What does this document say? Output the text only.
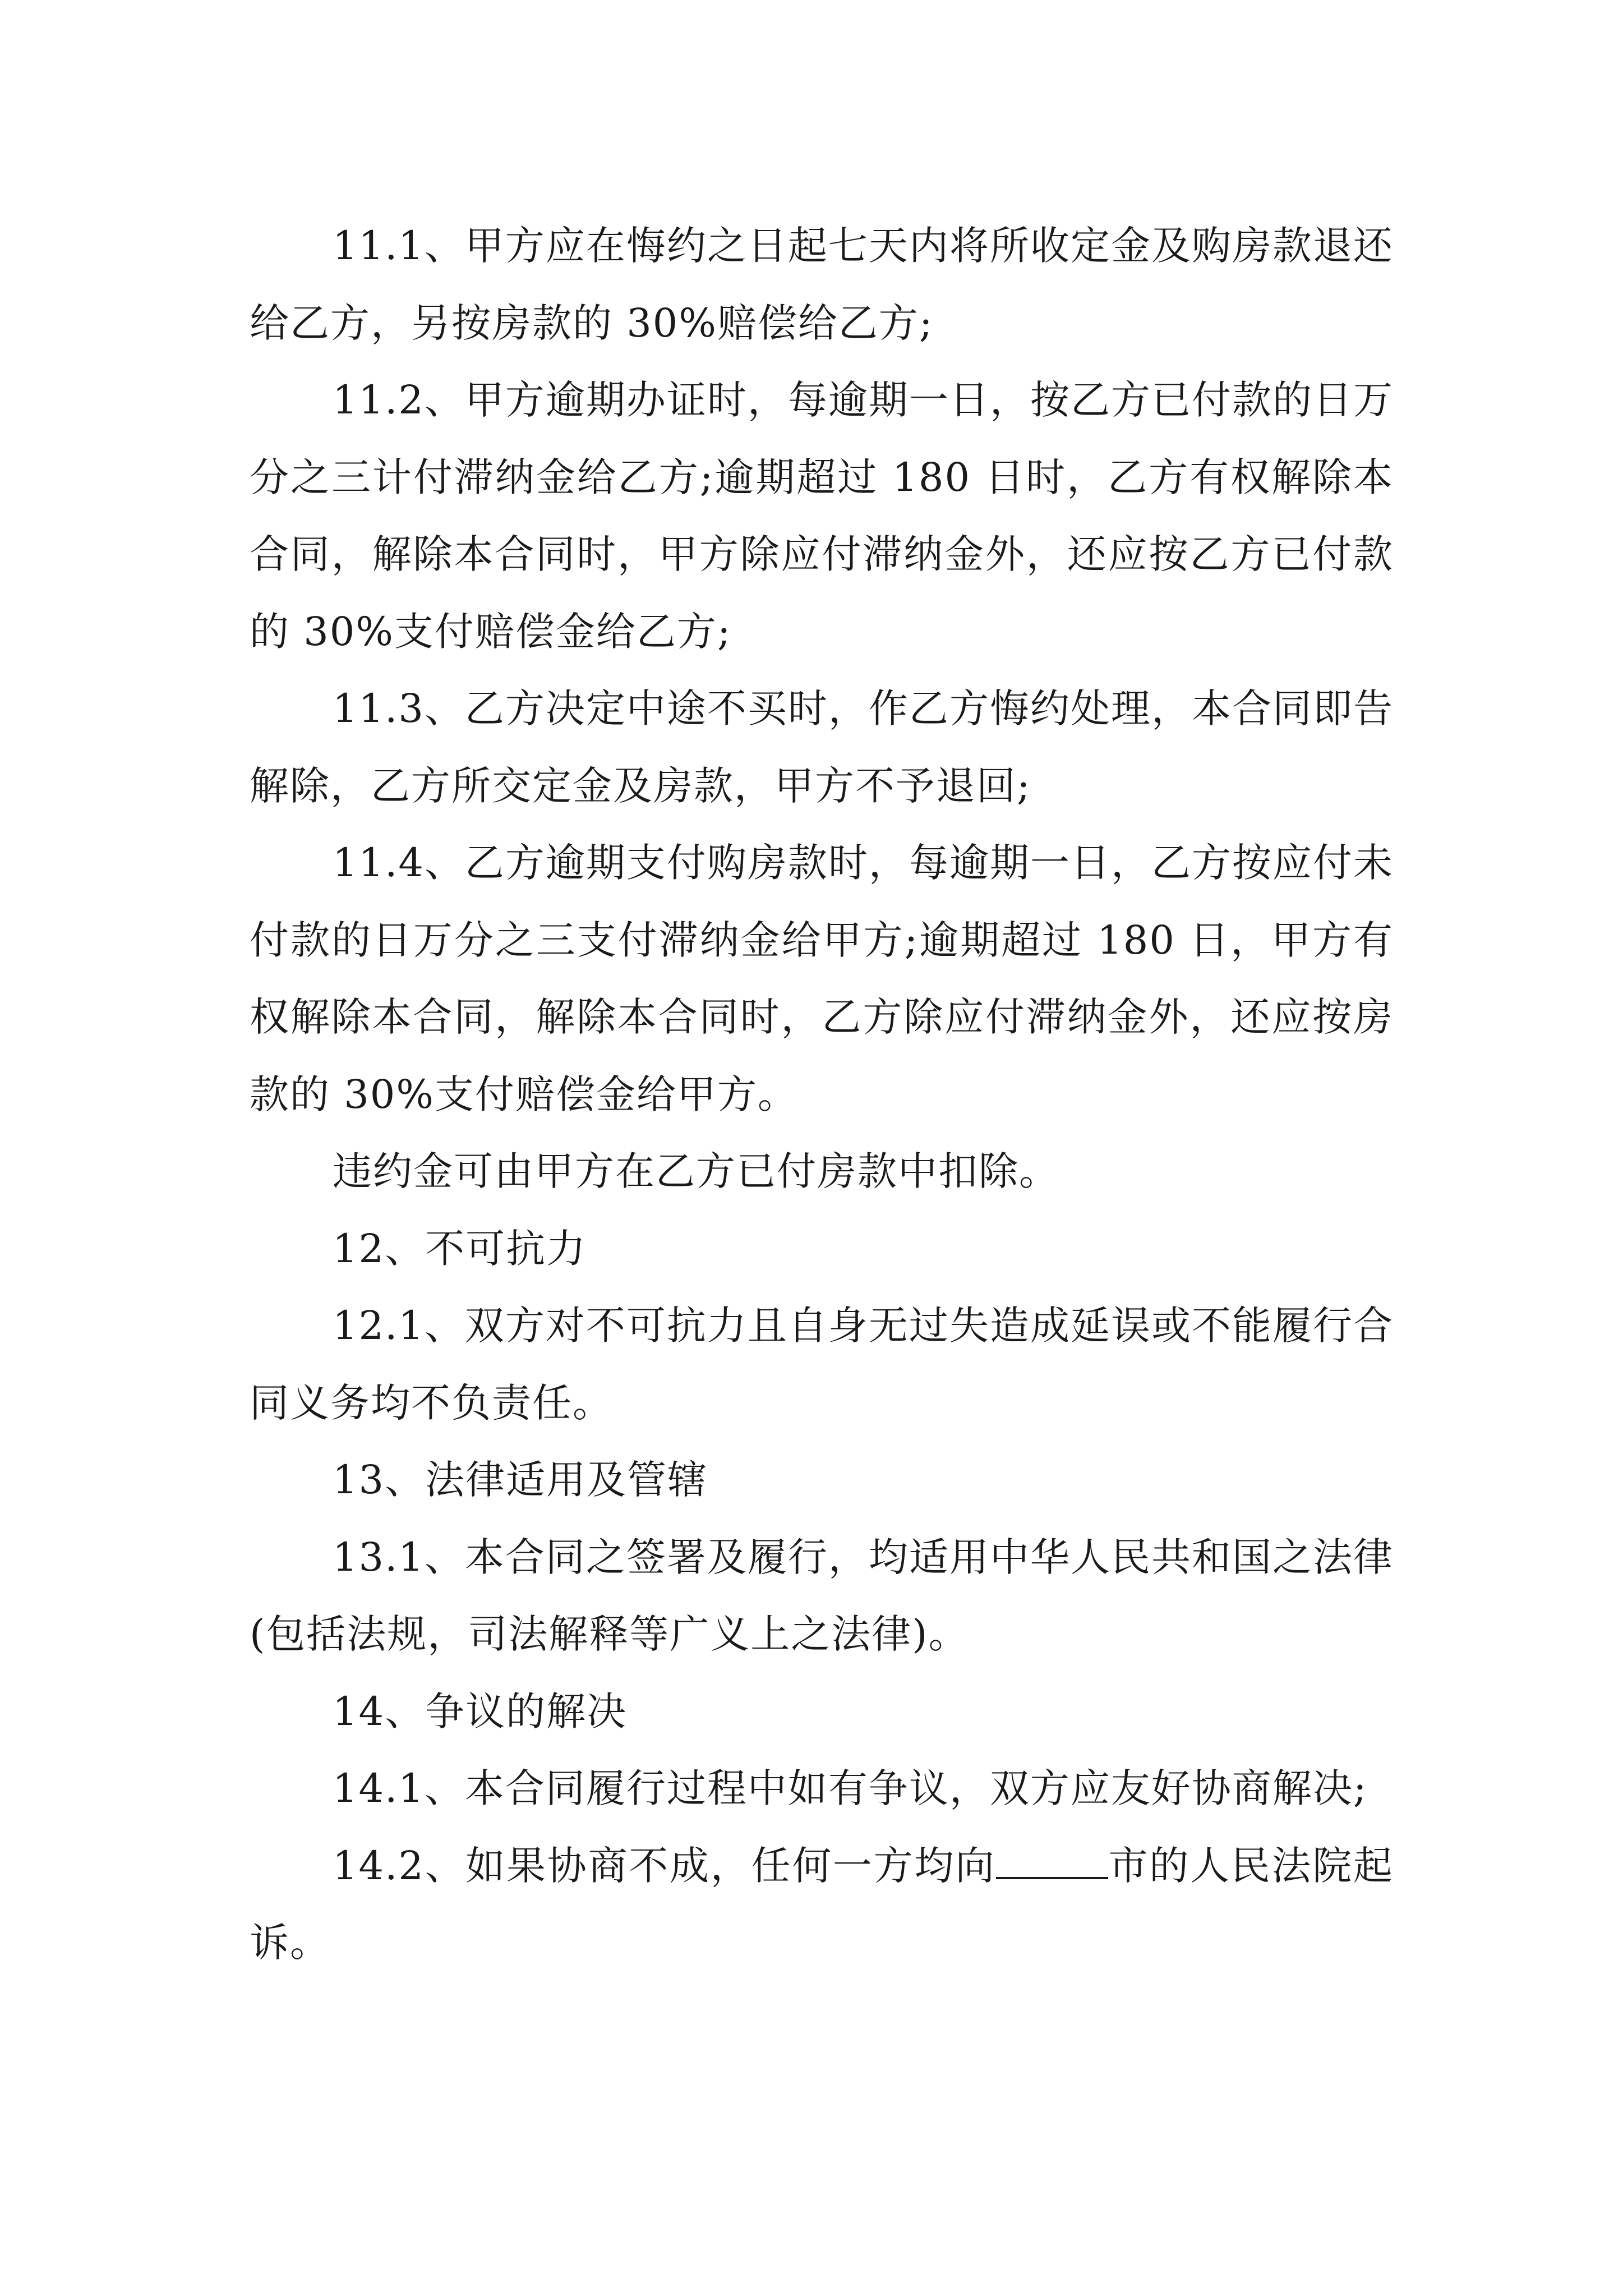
11.1、甲方应在悔约之日起七天内将所收定金及购房款退还给乙方，另按房款的 30%赔偿给乙方;

11.2、甲方逾期办证时，每逾期一日，按乙方已付款的日万分之三计付滞纳金给乙方;逾期超过 180 日时，乙方有权解除本合同，解除本合同时，甲方除应付滞纳金外，还应按乙方已付款的 30%支付赔偿金给乙方;

11.3、乙方决定中途不买时，作乙方悔约处理，本合同即告解除，乙方所交定金及房款，甲方不予退回;

11.4、乙方逾期支付购房款时，每逾期一日，乙方按应付未付款的日万分之三支付滞纳金给甲方;逾期超过 180 日，甲方有权解除本合同，解除本合同时，乙方除应付滞纳金外，还应按房款的 30%支付赔偿金给甲方。

违约金可由甲方在乙方已付房款中扣除。

12、不可抗力

12.1、双方对不可抗力且自身无过失造成延误或不能履行合同义务均不负责任。

13、法律适用及管辖

13.1、本合同之签署及履行，均适用中华人民共和国之法律(包括法规，司法解释等广义上之法律)。

14、争议的解决

14.1、本合同履行过程中如有争议，双方应友好协商解决;

14.2、如果协商不成，任何一方均向	市的人民法院起诉。
